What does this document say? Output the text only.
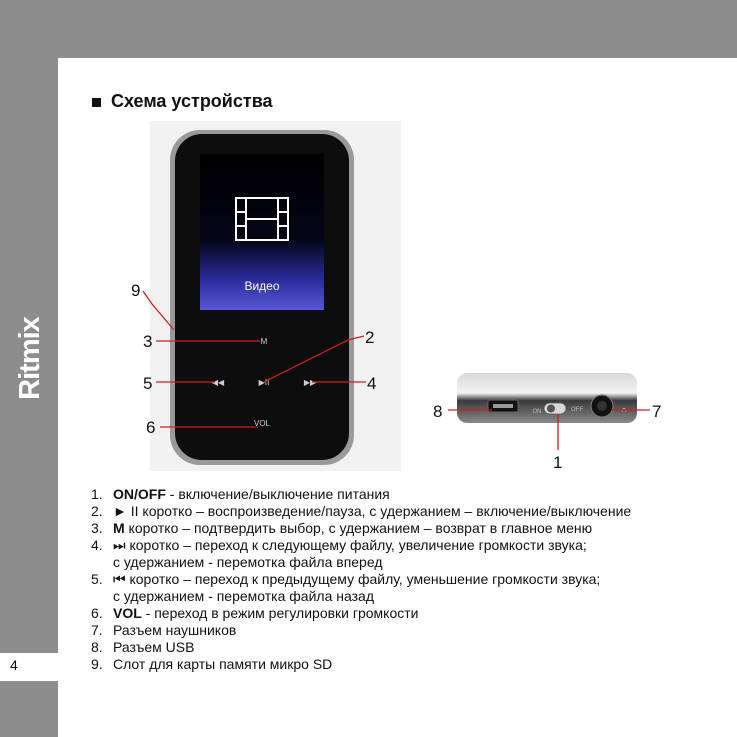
Ritmix
4
Схема устройства
Видео
M
◀◀	▶II	▶▶
VOL
9
3
5
6
2
4
ON	OFF	∩
8	7
1
1. ON/OFF - включение/выключение питания
2. ► II коротко – воспроизведение/пауза, с удержанием – включение/выключение
3. M коротко – подтвердить выбор, с удержанием – возврат в главное меню
4. ⏭ коротко – переход к следующему файлу, увеличение громкости звука;
с удержанием - перемотка файла вперед
5. ⏮ коротко – переход к предыдущему файлу, уменьшение громкости звука;
с удержанием - перемотка файла назад
6. VOL - переход в режим регулировки громкости
7. Разъем наушников
8. Разъем USB
9. Слот для карты памяти микро SD
